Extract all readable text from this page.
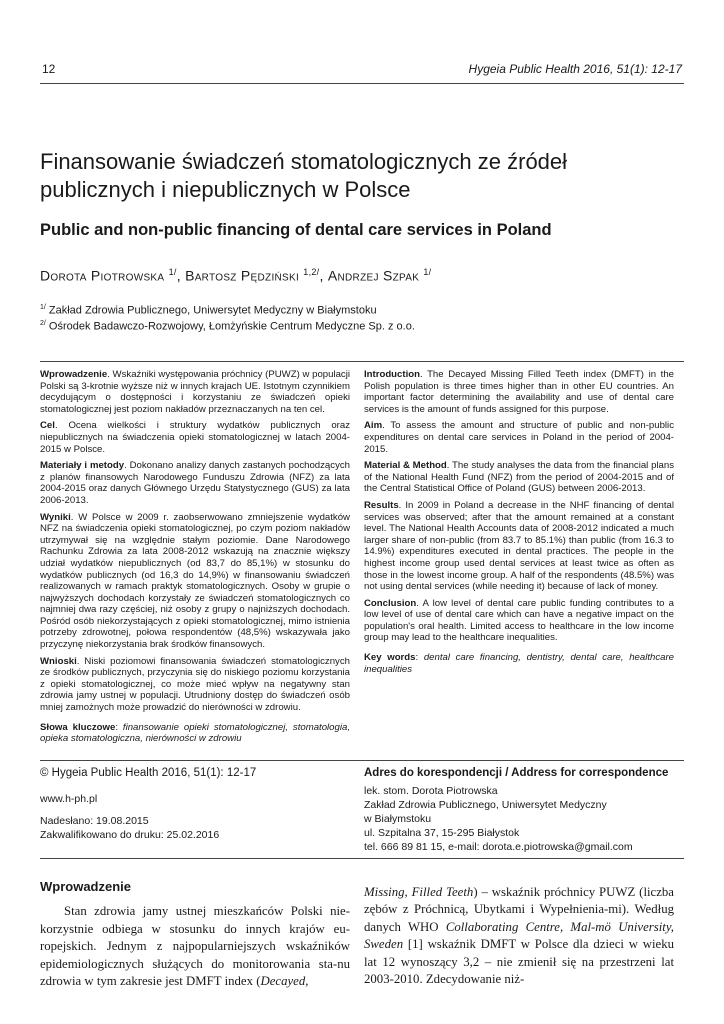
12	Hygeia Public Health 2016, 51(1): 12-17
Finansowanie świadczeń stomatologicznych ze źródeł publicznych i niepublicznych w Polsce
Public and non-public financing of dental care services in Poland
Dorota Piotrowska $^{1/}$, Bartosz Pędziński $^{1,2/}$, Andrzej Szpak $^{1/}$
$^{1/}$ Zakład Zdrowia Publicznego, Uniwersytet Medyczny w Białymstoku
$^{2/}$ Ośrodek Badawczo-Rozwojowy, Łomżyńskie Centrum Medyczne Sp. z o.o.

Wprowadzenie. Wskaźniki występowania próchnicy (PUWZ) w populacji Polski są 3-krotnie wyższe niż w innych krajach UE. Istotnym czynnikiem decydującym o dostępności i korzystaniu ze świadczeń opieki stomatologicznej jest poziom nakładów przeznaczanych na ten cel.

Cel. Ocena wielkości i struktury wydatków publicznych oraz niepublicznych na świadczenia opieki stomatologicznej w latach 2004-2015 w Polsce.

Materiały i metody. Dokonano analizy danych zastanych pochodzących z planów finansowych Narodowego Funduszu Zdrowia (NFZ) za lata 2004-2015 oraz danych Głównego Urzędu Statystycznego (GUS) za lata 2006-2013.

Wyniki. W Polsce w 2009 r. zaobserwowano zmniejszenie wydatków NFZ na świadczenia opieki stomatologicznej, po czym poziom nakładów utrzymywał się na względnie stałym poziomie. Dane Narodowego Rachunku Zdrowia za lata 2008-2012 wskazują na znacznie większy udział wydatków niepublicznych (od 83,7 do 85,1%) w stosunku do wydatków publicznych (od 16,3 do 14,9%) w finansowaniu świadczeń realizowanych w ramach praktyk stomatologicznych. Osoby w grupie o najwyższych dochodach korzystały ze świadczeń stomatologicznych co najmniej dwa razy częściej, niż osoby z grupy o najniższych dochodach. Pośród osób niekorzystających z opieki stomatologicznej, mimo istnienia potrzeby zdrowotnej, połowa respondentów (48,5%) wskazywała jako przyczynę niekorzystania brak środków finansowych.

Wnioski. Niski poziomowi finansowania świadczeń stomatologicznych ze środków publicznych, przyczynia się do niskiego poziomu korzystania z opieki stomatologicznej, co może mieć wpływ na negatywny stan zdrowia jamy ustnej w populacji. Utrudniony dostęp do świadczeń osób mniej zamożnych może prowadzić do nierówności w zdrowiu.

Słowa kluczowe: finansowanie opieki stomatologicznej, stomatologia, opieka stomatologiczna, nierówności w zdrowiu

Introduction. The Decayed Missing Filled Teeth index (DMFT) in the Polish population is three times higher than in other EU countries. An important factor determining the availability and use of dental care services is the amount of funds assigned for this purpose.

Aim. To assess the amount and structure of public and non-public expenditures on dental care services in Poland in the period of 2004-2015.

Material & Method. The study analyses the data from the financial plans of the National Health Fund (NFZ) from the period of 2004-2015 and of the Central Statistical Office of Poland (GUS) between 2006-2013.

Results. In 2009 in Poland a decrease in the NHF financing of dental services was observed; after that the amount remained at a constant level. The National Health Accounts data of 2008-2012 indicated a much larger share of non-public (from 83.7 to 85.1%) than public (from 16.3 to 14.9%) expenditures executed in dental practices. The people in the highest income group used dental services at least twice as often as those in the lowest income group. A half of the respondents (48.5%) was not using dental services (while needing it) because of lack of money.

Conclusion. A low level of dental care public funding contributes to a low level of use of dental care which can have a negative impact on the population's oral health. Limited access to healthcare in the low income group may lead to the healthcare inequalities.

Key words: dental care financing, dentistry, dental care, healthcare inequalities

© Hygeia Public Health 2016, 51(1): 12-17

www.h-ph.pl

Nadesłano: 19.08.2015

Zakwalifikowano do druku: 25.02.2016

Adres do korespondencji / Address for correspondence

lek. stom. Dorota Piotrowska

Zakład Zdrowia Publicznego, Uniwersytet Medyczny

w Białymstoku

ul. Szpitalna 37, 15-295 Białystok

tel. 666 89 81 15, e-mail: dorota.e.piotrowska@gmail.com

Wprowadzenie

Stan zdrowia jamy ustnej mieszkańców Polski nie-korzystnie odbiega w stosunku do innych krajów eu-ropejskich. Jednym z najpopularniejszych wskaźników epidemiologicznych służących do monitorowania sta-nu zdrowia w tym zakresie jest DMFT index (Decayed,

Missing, Filled Teeth) – wskaźnik próchnicy PUWZ (liczba zębów z Próchnicą, Ubytkami i Wypełnienia-mi). Według danych WHO Collaborating Centre, Mal-mö University, Sweden [1] wskaźnik DMFT w Polsce dla dzieci w wieku lat 12 wynoszący 3,2 – nie zmienił się na przestrzeni lat 2003-2010. Zdecydowanie niż-
